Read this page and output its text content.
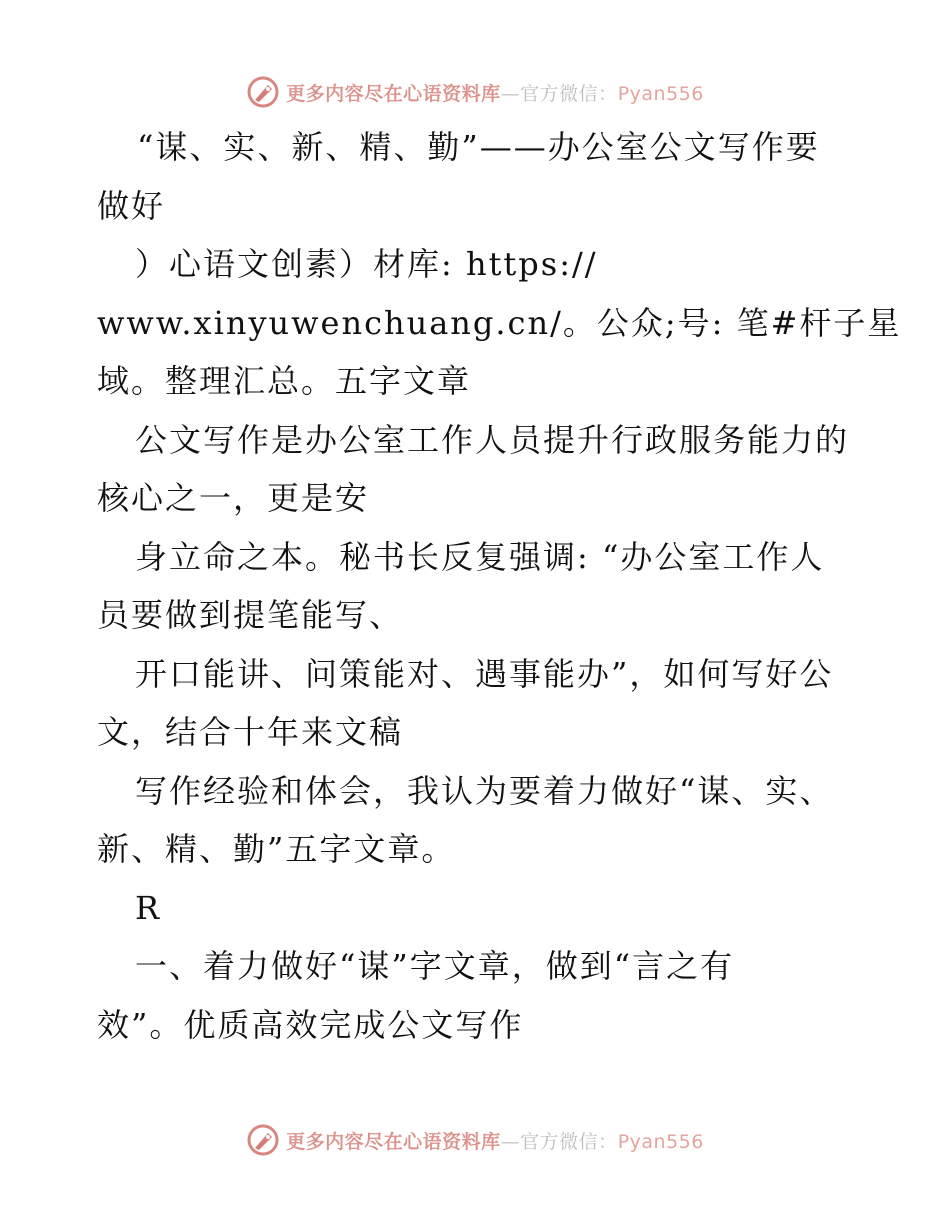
更多内容尽在心语资料库—官方微信：Pyan556
“谋、实、新、精、勤”——办公室公文写作要
做好
）心语文创素）材库: https://
www.xinyuwenchuang.cn/。公众;号: 笔#杆子星
域。整理汇总。五字文章
公文写作是办公室工作人员提升行政服务能力的
核心之一，更是安
身立命之本。秘书长反复强调: “办公室工作人
员要做到提笔能写、
开口能讲、问策能对、遇事能办”，如何写好公
文，结合十年来文稿
写作经验和体会，我认为要着力做好“谋、实、
新、精、勤”五字文章。
R
一、着力做好“谋”字文章，做到“言之有
效”。优质高效完成公文写作
更多内容尽在心语资料库—官方微信：Pyan556
